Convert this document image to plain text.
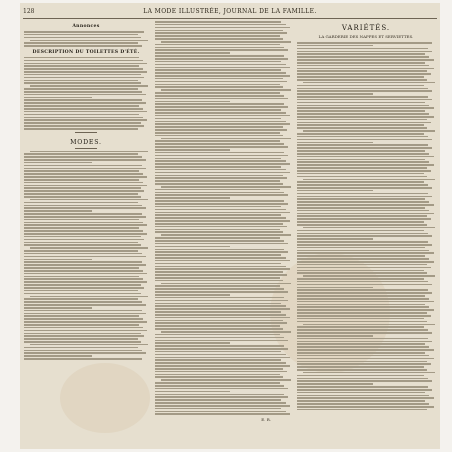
128	LA MODE ILLUSTRÉE, JOURNAL DE LA FAMILLE.
Annonces
DESCRIPTION DU TOILETTES D'ÉTÉ.
MODES.
E. R.
VARIÉTÉS.
LA GARDERIE DES NAPPES ET SERVIETTES.
